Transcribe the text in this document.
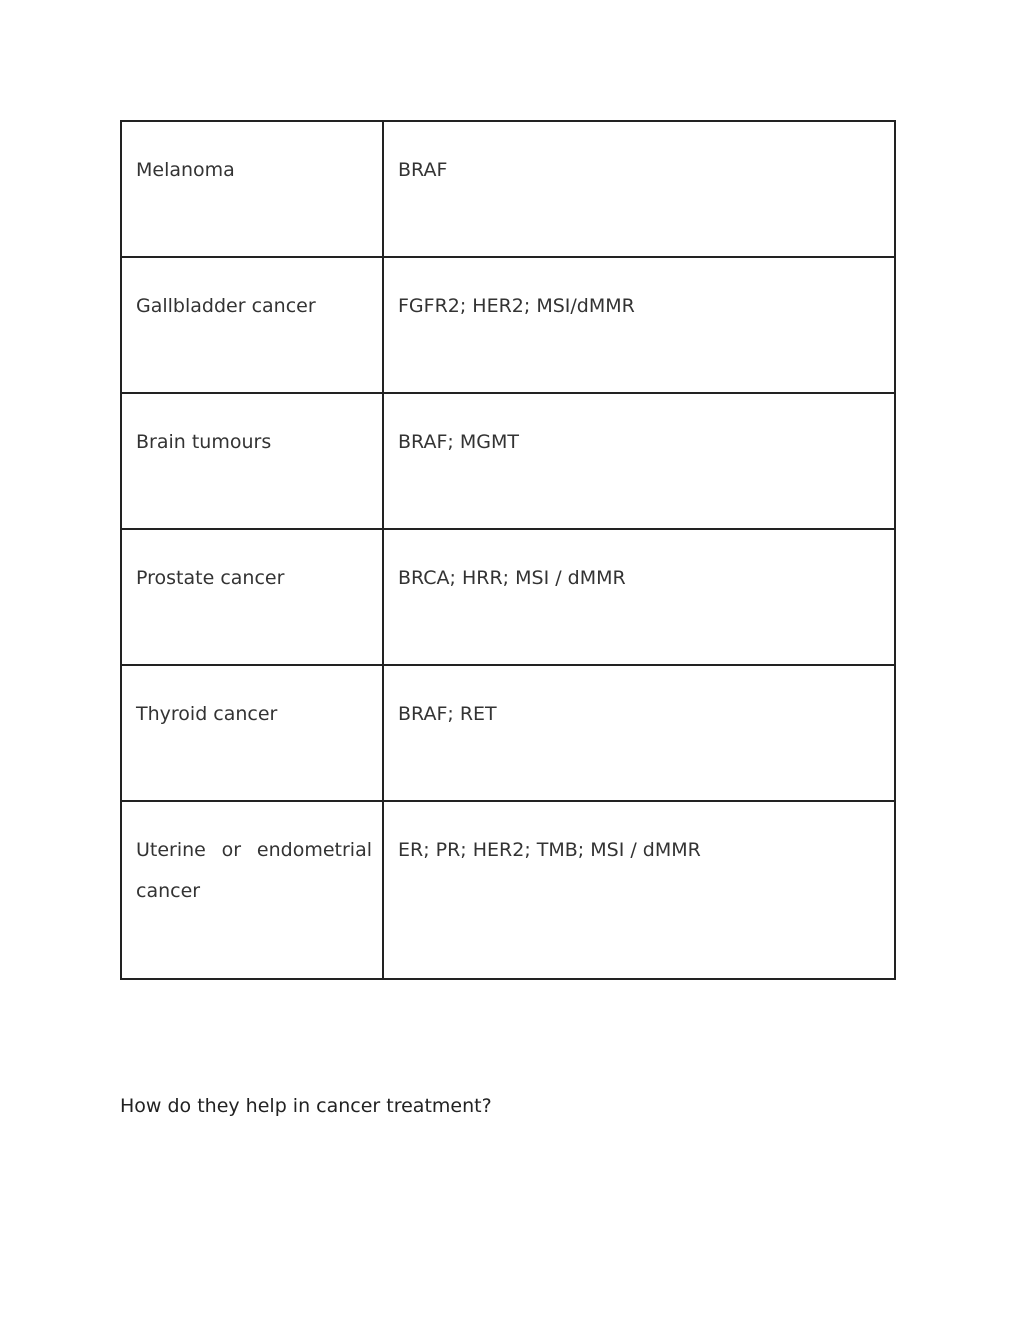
Melanoma	BRAF
Gallbladder cancer	FGFR2; HER2; MSI/dMMR
Brain tumours	BRAF; MGMT
Prostate cancer	BRCA; HRR; MSI / dMMR
Thyroid cancer	BRAF; RET
Uterine or endometrial cancer	ER; PR; HER2; TMB; MSI / dMMR

How do they help in cancer treatment?
